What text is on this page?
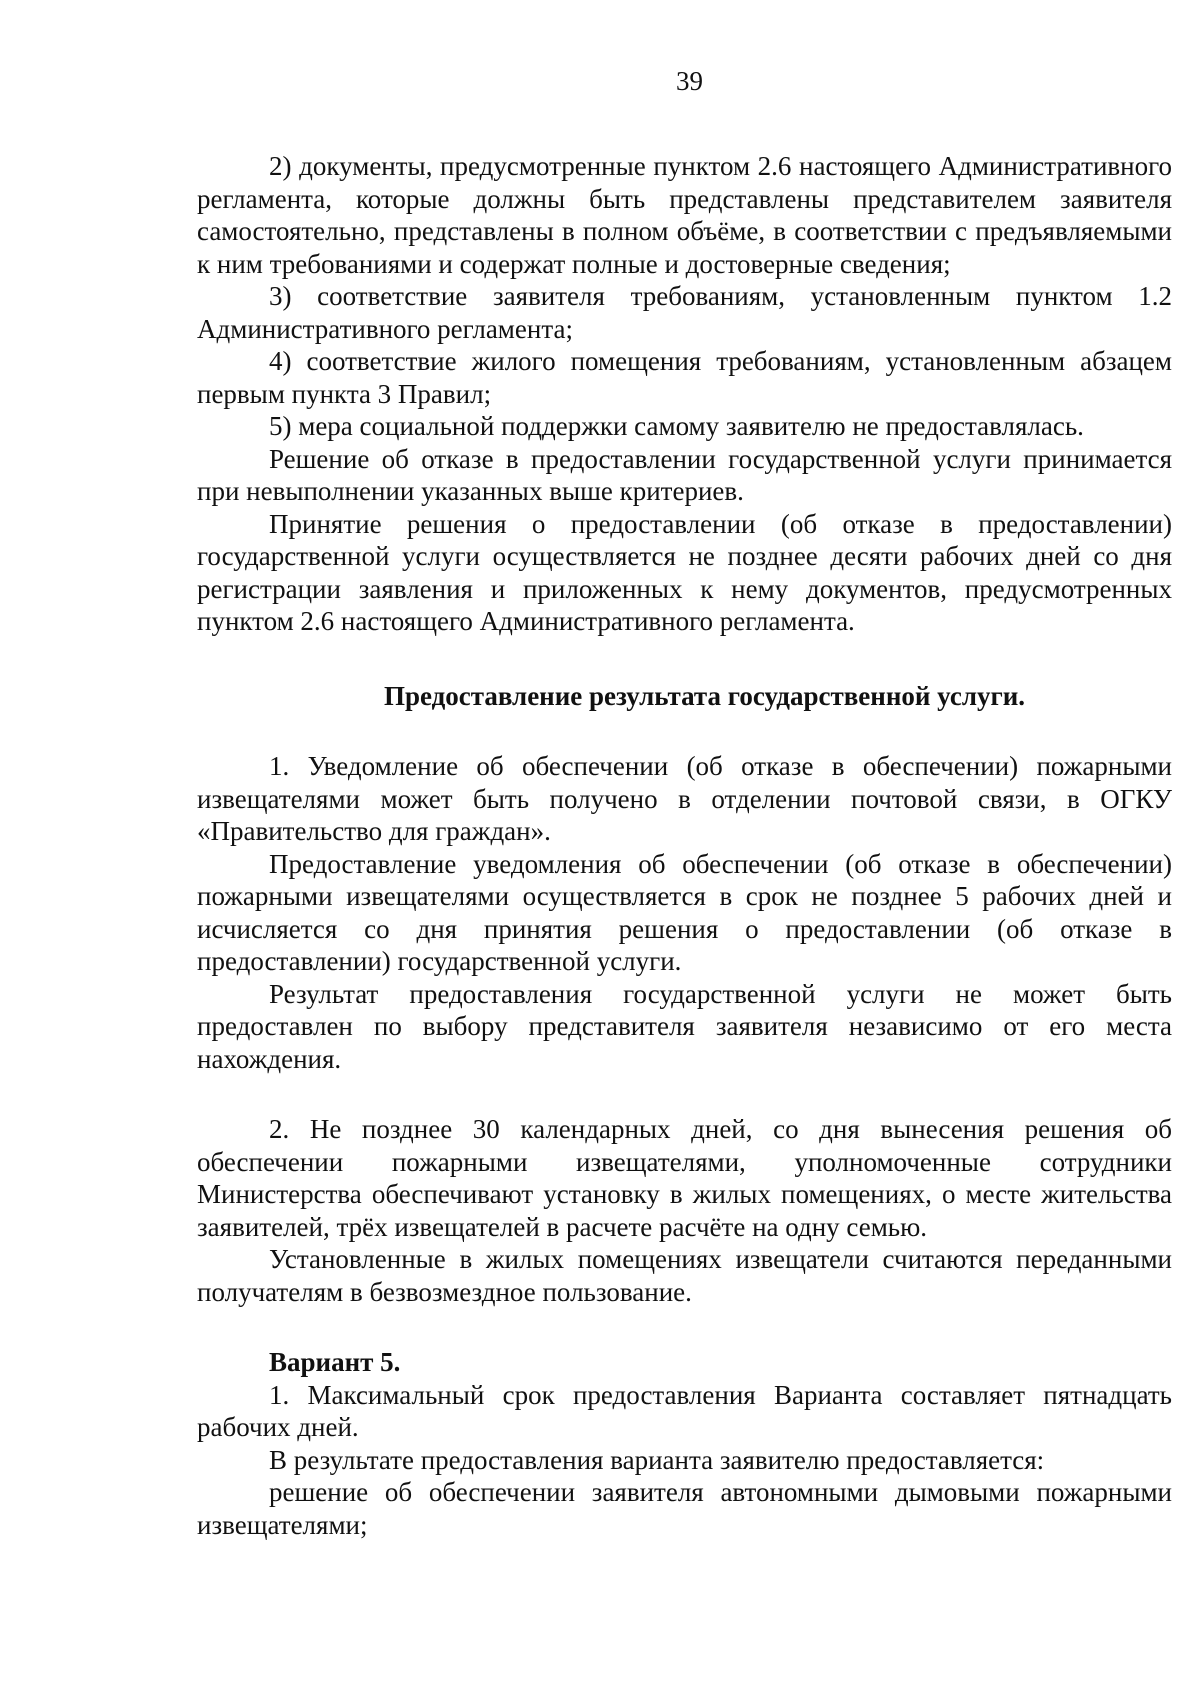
39

2) документы, предусмотренные пунктом 2.6 настоящего Административного регламента, которые должны быть представлены представителем заявителя самостоятельно, представлены в полном объёме, в соответствии с предъявляемыми к ним требованиями и содержат полные и достоверные сведения;

3) соответствие заявителя требованиям, установленным пунктом 1.2 Административного регламента;

4) соответствие жилого помещения требованиям, установленным абзацем первым пункта 3 Правил;

5) мера социальной поддержки самому заявителю не предоставлялась.

Решение об отказе в предоставлении государственной услуги принимается при невыполнении указанных выше критериев.

Принятие решения о предоставлении (об отказе в предоставлении) государственной услуги осуществляется не позднее десяти рабочих дней со дня регистрации заявления и приложенных к нему документов, предусмотренных пунктом 2.6 настоящего Административного регламента.

Предоставление результата государственной услуги.

1. Уведомление об обеспечении (об отказе в обеспечении) пожарными извещателями может быть получено в отделении почтовой связи, в ОГКУ «Правительство для граждан».

Предоставление уведомления об обеспечении (об отказе в обеспечении) пожарными извещателями осуществляется в срок не позднее 5 рабочих дней и исчисляется со дня принятия решения о предоставлении (об отказе в предоставлении) государственной услуги.

Результат предоставления государственной услуги не может быть предоставлен по выбору представителя заявителя независимо от его места нахождения.

2. Не позднее 30 календарных дней, со дня вынесения решения об обеспечении пожарными извещателями, уполномоченные сотрудники Министерства обеспечивают установку в жилых помещениях, о месте жительства заявителей, трёх извещателей в расчете расчёте на одну семью.

Установленные в жилых помещениях извещатели считаются переданными получателям в безвозмездное пользование.

Вариант 5.

1. Максимальный срок предоставления Варианта составляет пятнадцать рабочих дней.

В результате предоставления варианта заявителю предоставляется:

решение об обеспечении заявителя автономными дымовыми пожарными извещателями;
